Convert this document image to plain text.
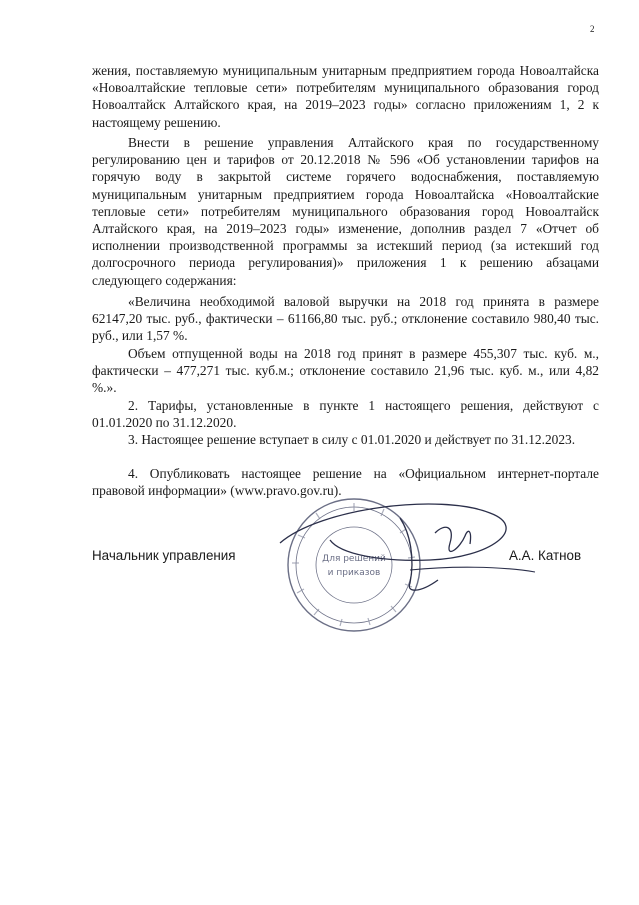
2
жения, поставляемую муниципальным унитарным предприятием города Новоалтайска «Новоалтайские тепловые сети» потребителям муниципального образования город Новоалтайск Алтайского края, на 2019–2023 годы» согласно приложениям 1, 2 к настоящему решению.
Внести в решение управления Алтайского края по государственному регулированию цен и тарифов от 20.12.2018 № 596 «Об установлении тарифов на горячую воду в закрытой системе горячего водоснабжения, поставляемую муниципальным унитарным предприятием города Новоалтайска «Новоалтайские тепловые сети» потребителям муниципального образования город Новоалтайск Алтайского края, на 2019–2023 годы» изменение, дополнив раздел 7 «Отчет об исполнении производственной программы за истекший период (за истекший год долгосрочного периода регулирования)» приложения 1 к решению абзацами следующего содержания:
«Величина необходимой валовой выручки на 2018 год принята в размере 62147,20 тыс. руб., фактически – 61166,80 тыс. руб.; отклонение составило 980,40 тыс. руб., или 1,57 %.
Объем отпущенной воды на 2018 год принят в размере 455,307 тыс. куб. м., фактически – 477,271 тыс. куб.м.; отклонение составило 21,96 тыс. куб. м., или 4,82 %.».
2. Тарифы, установленные в пункте 1 настоящего решения, действуют с 01.01.2020 по 31.12.2020.
3. Настоящее решение вступает в силу с 01.01.2020 и действует по 31.12.2023.
4. Опубликовать настоящее решение на «Официальном интернет-портале правовой информации» (www.pravo.gov.ru).
Начальник управления	А.А. Катнов
Для решений
и приказов
